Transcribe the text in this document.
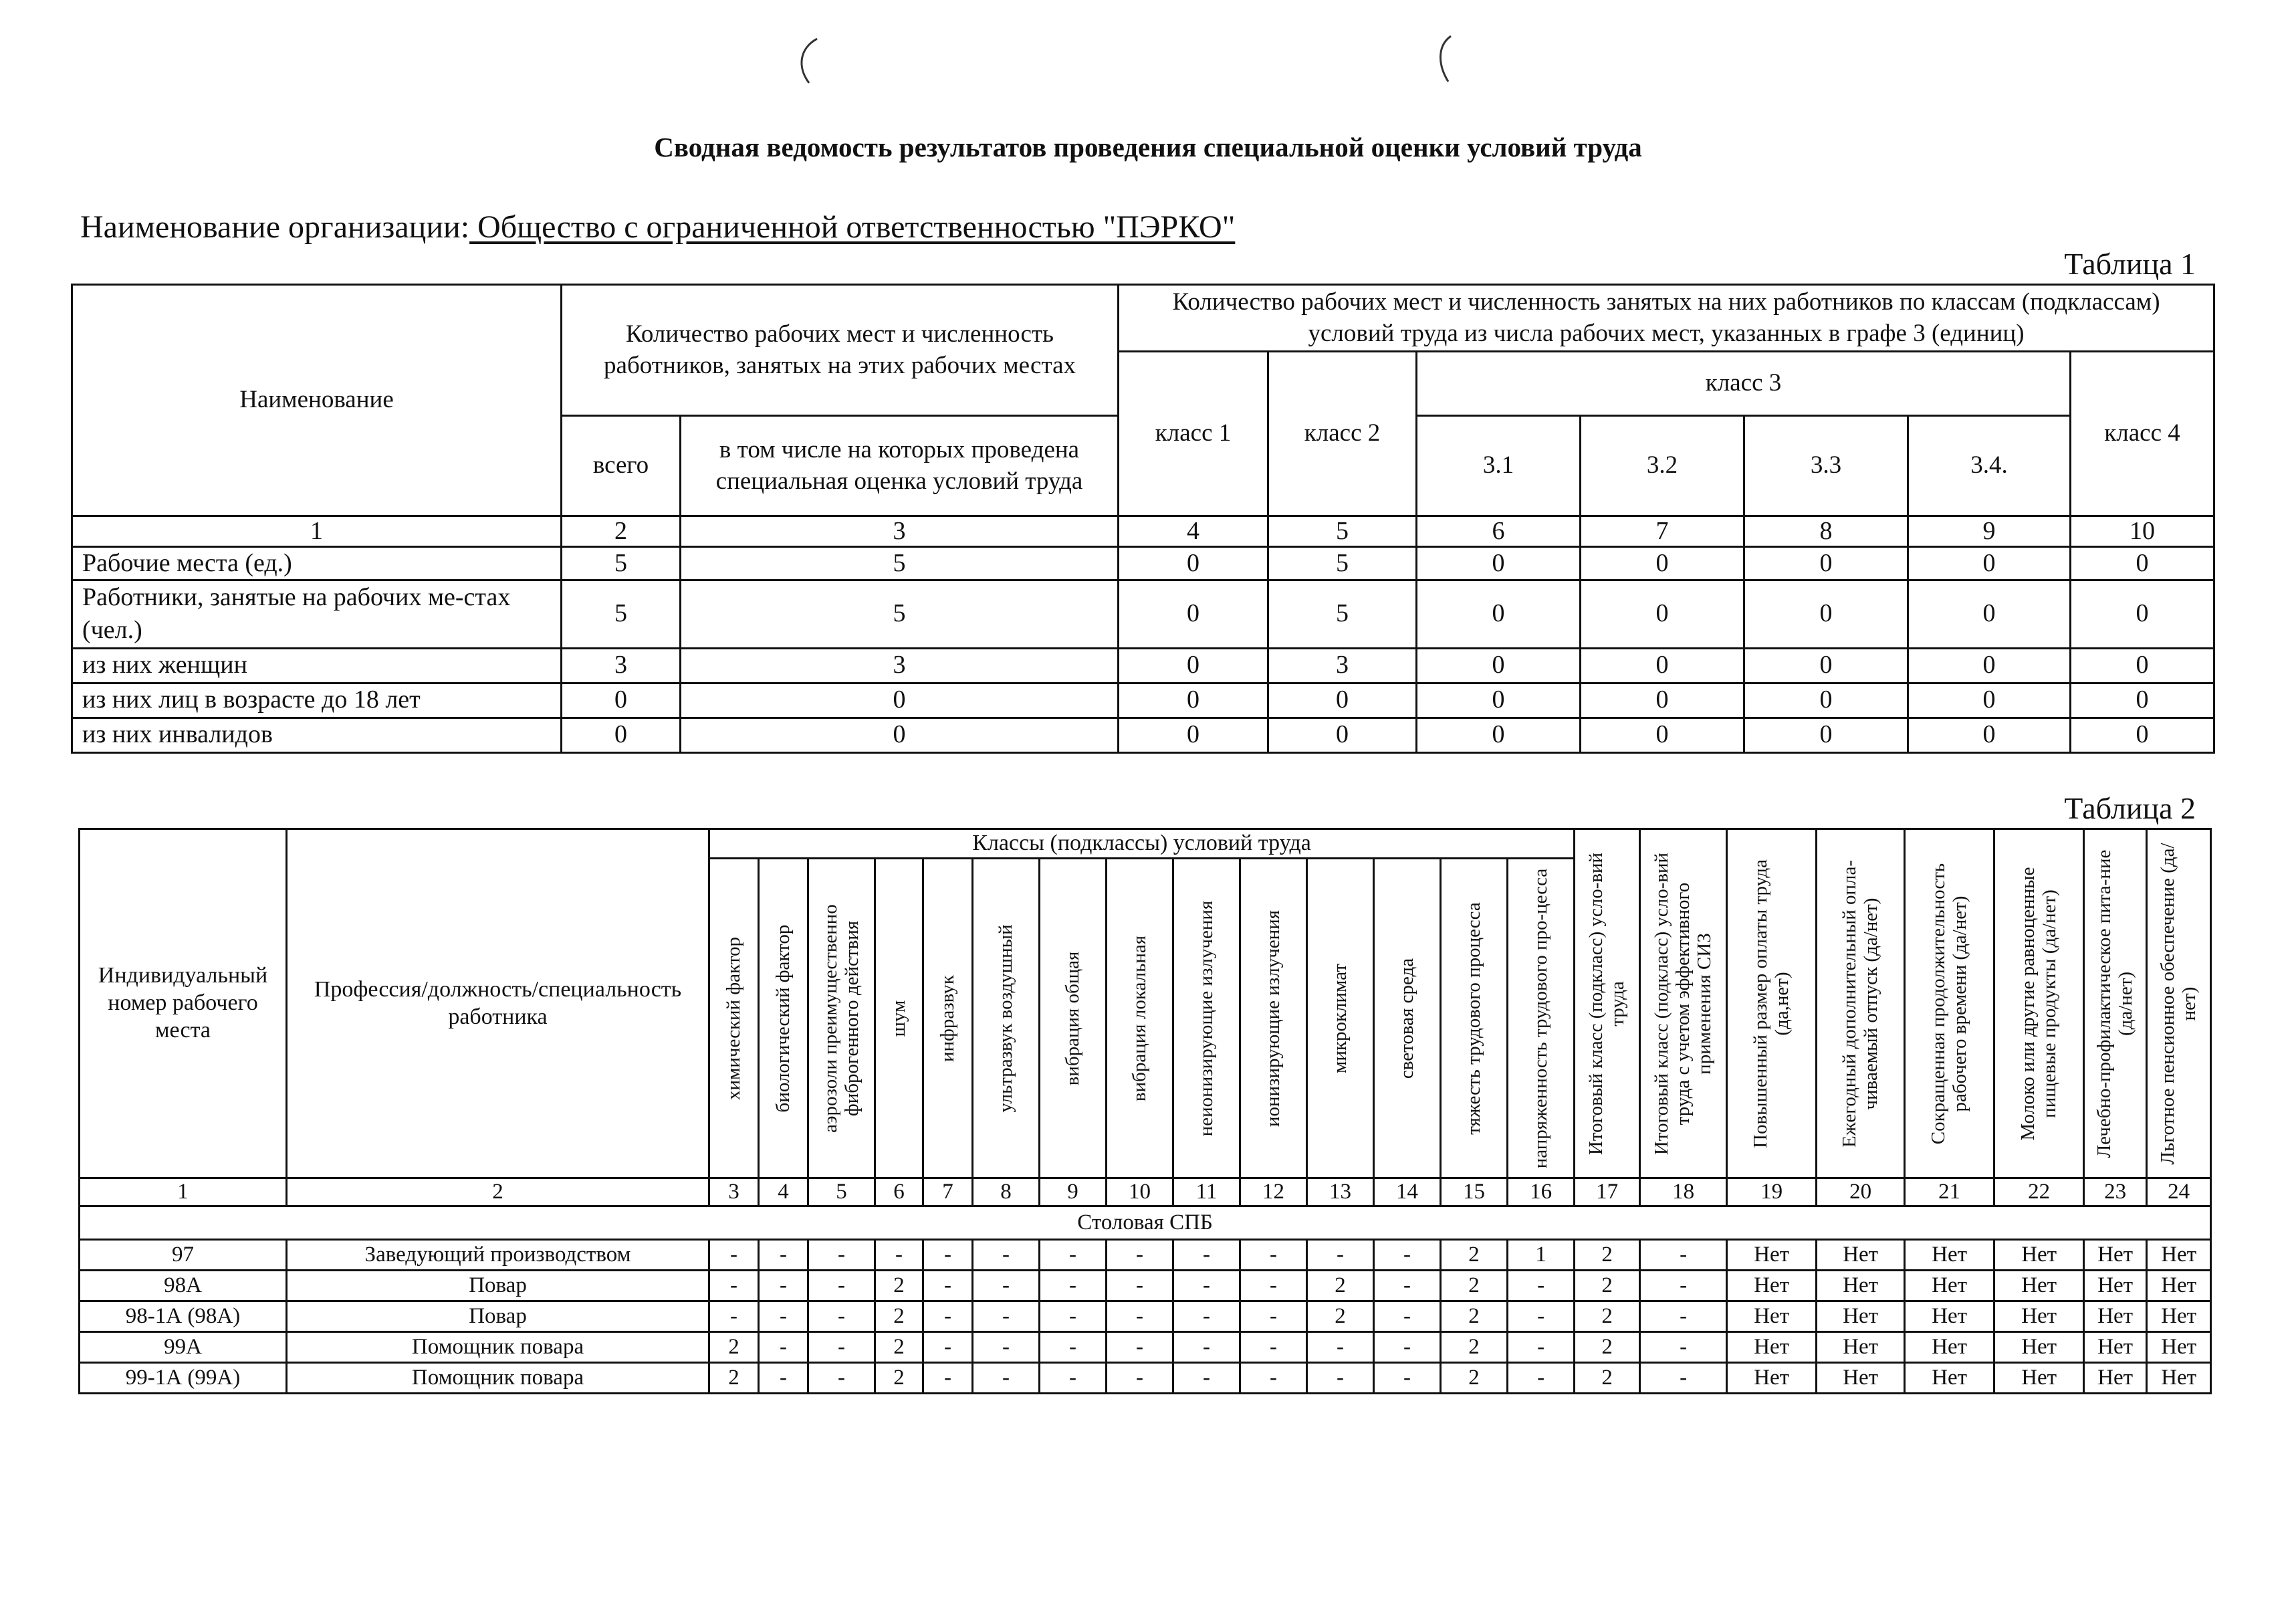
Сводная ведомость результатов проведения специальной оценки условий труда
Наименование организации: Общество с ограниченной ответственностью "ПЭРКО"
Таблица 1
Наименование	Количество рабочих мест и численность работников, занятых на этих рабочих местах		Количество рабочих мест и численность занятых на них работников по классам (подклассам) условий труда из числа рабочих мест, указанных в графе 3 (единиц)						
			класс 1	класс 2	класс 3				класс 4
	всего	в том числе на которых проведена специальная оценка условий труда			3.1	3.2	3.3	3.4.	
1	2	3	4	5	6	7	8	9	10
Рабочие места (ед.)	5	5	0	5	0	0	0	0	0
Работники, занятые на рабочих ме-стах (чел.)	5	5	0	5	0	0	0	0	0
из них женщин	3	3	0	3	0	0	0	0	0
из них лиц в возрасте до 18 лет	0	0	0	0	0	0	0	0	0
из них инвалидов	0	0	0	0	0	0	0	0	0
Таблица 2
Индивидуальный номер рабочего места	Профессия/должность/специальность работника	Классы (подклассы) условий труда														Итоговый класс (подкласс) усло-вий труда	Итоговый класс (подкласс) усло-вий труда с учетом эффективного применения СИЗ	Повышенный размер оплаты труда (да,нет)	Ежегодный дополнительный опла-чиваемый отпуск (да/нет)	Сокращенная продолжительность рабочего времени (да/нет)	Молоко или другие равноценные пищевые продукты (да/нет)	Лечебно-профилактическое пита-ние (да/нет)	Льготное пенсионное обеспечение (да/нет)

		химический фактор	биологический фактор	аэрозоли преимущественно фиброгенного действия	шум	инфразвук	ультразвук воздушный	вибрация общая	вибрация локальная	неионизирующие излучения	ионизирующие излучения	микроклимат	световая среда	тяжесть трудового процесса	напряженность трудового про-цесса								

1	2	3	4	5	6	7	8	9	10	11	12	13	14	15	16	17	18	19	20	21	22	23	24
Столовая СПБ																							
97	Заведующий производством	-	-	-	-	-	-	-	-	-	-	-	-	2	1	2	-	Нет	Нет	Нет	Нет	Нет	Нет
98А	Повар	-	-	-	2	-	-	-	-	-	-	2	-	2	-	2	-	Нет	Нет	Нет	Нет	Нет	Нет
98-1А (98А)	Повар	-	-	-	2	-	-	-	-	-	-	2	-	2	-	2	-	Нет	Нет	Нет	Нет	Нет	Нет
99А	Помощник повара	2	-	-	2	-	-	-	-	-	-	-	-	2	-	2	-	Нет	Нет	Нет	Нет	Нет	Нет
99-1А (99А)	Помощник повара	2	-	-	2	-	-	-	-	-	-	-	-	2	-	2	-	Нет	Нет	Нет	Нет	Нет	Нет
